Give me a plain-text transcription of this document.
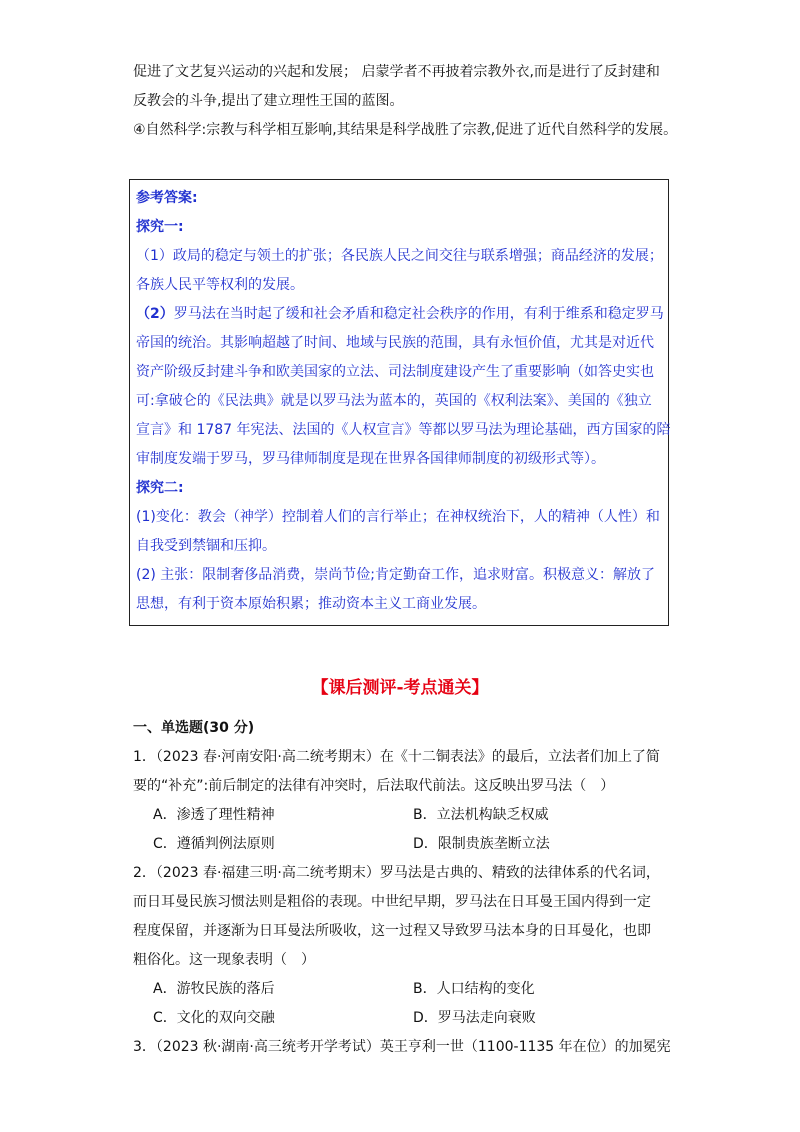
促进了文艺复兴运动的兴起和发展； 启蒙学者不再披着宗教外衣,而是进行了反封建和

反教会的斗争,提出了建立理性王国的蓝图。

④自然科学:宗教与科学相互影响,其结果是科学战胜了宗教,促进了近代自然科学的发展。

参考答案:

探究一:

（1）政局的稳定与领土的扩张；各民族人民之间交往与联系增强；商品经济的发展；

各族人民平等权利的发展。

（2）罗马法在当时起了缓和社会矛盾和稳定社会秩序的作用，有利于维系和稳定罗马

帝国的统治。其影响超越了时间、地域与民族的范围，具有永恒价值，尤其是对近代

资产阶级反封建斗争和欧美国家的立法、司法制度建设产生了重要影响（如答史实也

可:拿破仑的《民法典》就是以罗马法为蓝本的，英国的《权利法案》、美国的《独立

宣言》和 1787 年宪法、法国的《人权宣言》等都以罗马法为理论基础，西方国家的陪

审制度发端于罗马，罗马律师制度是现在世界各国律师制度的初级形式等）。

探究二:

(1)变化：教会（神学）控制着人们的言行举止；在神权统治下，人的精神（人性）和

自我受到禁锢和压抑。

(2) 主张：限制奢侈品消费，崇尚节俭;肯定勤奋工作，追求财富。积极意义：解放了

思想，有利于资本原始积累；推动资本主义工商业发展。

【课后测评-考点通关】

一、单选题(30 分)

1．（2023 春·河南安阳·高二统考期末）在《十二铜表法》的最后，立法者们加上了简

要的“补充”:前后制定的法律有冲突时，后法取代前法。这反映出罗马法（　）

A．渗透了理性精神	B．立法机构缺乏权威
C．遵循判例法原则	D．限制贵族垄断立法

2．（2023 春·福建三明·高二统考期末）罗马法是古典的、精致的法律体系的代名词，

而日耳曼民族习惯法则是粗俗的表现。中世纪早期，罗马法在日耳曼王国内得到一定

程度保留，并逐渐为日耳曼法所吸收，这一过程又导致罗马法本身的日耳曼化，也即

粗俗化。这一现象表明（　）

A．游牧民族的落后	B．人口结构的变化
C．文化的双向交融	D．罗马法走向衰败

3．（2023 秋·湖南·高三统考开学考试）英王亨利一世（1100-1135 年在位）的加冕宪
